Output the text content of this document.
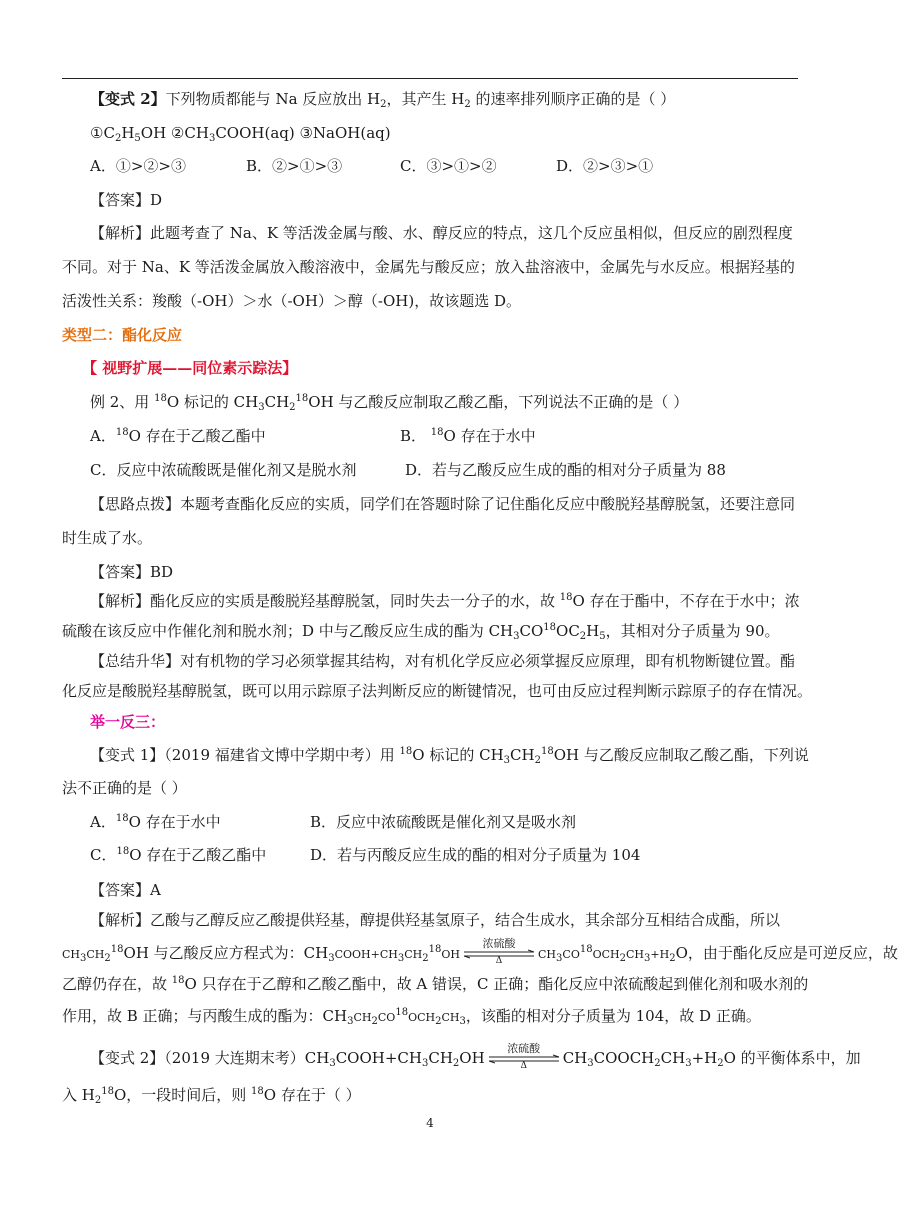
【变式 2】下列物质都能与 Na 反应放出 $H_2$，其产生 $H_2$ 的速率排列顺序正确的是（ ）
$①C_2H_5OH$ $②CH_3COOH(aq)$ ③NaOH(aq)
A．①>②>③	B．②>①>③	C．③>①>②	D．②>③>①
【答案】D
【解析】此题考查了 Na、K 等活泼金属与酸、水、醇反应的特点，这几个反应虽相似，但反应的剧烈程度
不同。对于 Na、K 等活泼金属放入酸溶液中，金属先与酸反应；放入盐溶液中，金属先与水反应。根据羟基的
活泼性关系：羧酸（-OH）＞水（-OH）＞醇（-OH)，故该题选 D。
类型二：酯化反应
【 视野扩展——同位素示踪法】
例 2、用 $^{18}$O 标记的 $CH_3CH_2^{18}OH$ 与乙酸反应制取乙酸乙酯，下列说法不正确的是（ ）
A．$^{18}$O 存在于乙酸乙酯中	B． $^{18}$O 存在于水中
C．反应中浓硫酸既是催化剂又是脱水剂	D．若与乙酸反应生成的酯的相对分子质量为 88
【思路点拨】本题考查酯化反应的实质，同学们在答题时除了记住酯化反应中酸脱羟基醇脱氢，还要注意同
时生成了水。
【答案】BD
【解析】酯化反应的实质是酸脱羟基醇脱氢，同时失去一分子的水，故 $^{18}$O 存在于酯中，不存在于水中；浓
硫酸在该反应中作催化剂和脱水剂；D 中与乙酸反应生成的酯为 $CH_3CO^{18}OC_2H_5$，其相对分子质量为 90。
【总结升华】对有机物的学习必须掌握其结构，对有机化学反应必须掌握反应原理，即有机物断键位置。酯
化反应是酸脱羟基醇脱氢，既可以用示踪原子法判断反应的断键情况，也可由反应过程判断示踪原子的存在情况。
举一反三：
【变式 1】（2019 福建省文博中学期中考）用 $^{18}$O 标记的 $CH_3CH_2^{18}OH$ 与乙酸反应制取乙酸乙酯，下列说
法不正确的是（ ）
A．$^{18}$O 存在于水中	B．反应中浓硫酸既是催化剂又是吸水剂
C．$^{18}$O 存在于乙酸乙酯中	D．若与丙酸反应生成的酯的相对分子质量为 104
【答案】A
【解析】乙酸与乙醇反应乙酸提供羟基，醇提供羟基氢原子，结合生成水，其余部分互相结合成酯，所以
$CH_3CH_2^{18}OH$ 与乙酸反应方程式为：$CH_3COOH+CH_3CH_2^{18}OH$
浓硫酸
Δ	$CH_3CO^{18}OCH_2CH_3+H_2O$，由于酯化反应是可逆反应，故
乙醇仍存在，故 $^{18}$O 只存在于乙醇和乙酸乙酯中，故 A 错误，C 正确；酯化反应中浓硫酸起到催化剂和吸水剂的
作用，故 B 正确；与丙酸生成的酯为：$CH_3CH_2CO^{18}OCH_2CH_3$，该酯的相对分子质量为 104，故 D 正确。
【变式 2】（2019 大连期末考）$CH_3COOH+CH_3CH_2OH$
浓硫酸
Δ	$CH_3COOCH_2CH_3+H_2O$ 的平衡体系中，加
入 $H_2^{18}O$，一段时间后，则 $^{18}$O 存在于（ ）
4
